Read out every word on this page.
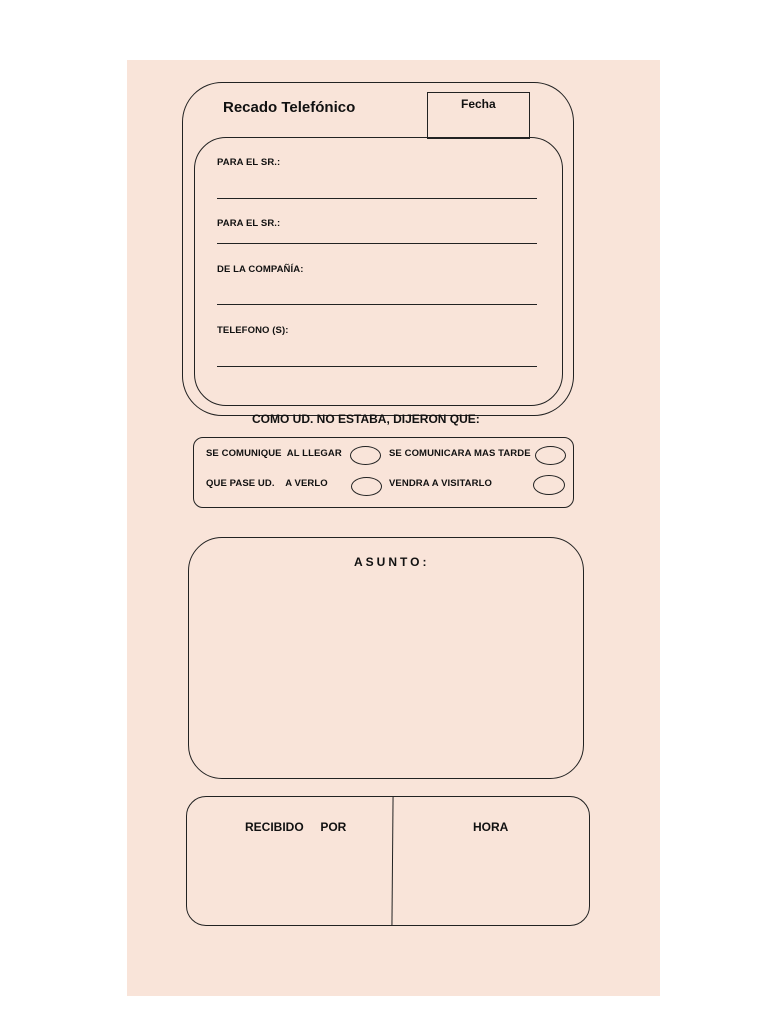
Recado Telefónico	Fecha
PARA EL SR.:
PARA EL SR.:
DE LA COMPAÑÍA:
TELEFONO (S):
COMO UD. NO ESTABA, DIJERON QUE:
SE COMUNIQUE  AL LLEGAR	SE COMUNICARA MAS TARDE
QUE PASE UD.    A VERLO	VENDRA A VISITARLO
ASUNTO:
RECIBIDO     POR	HORA
